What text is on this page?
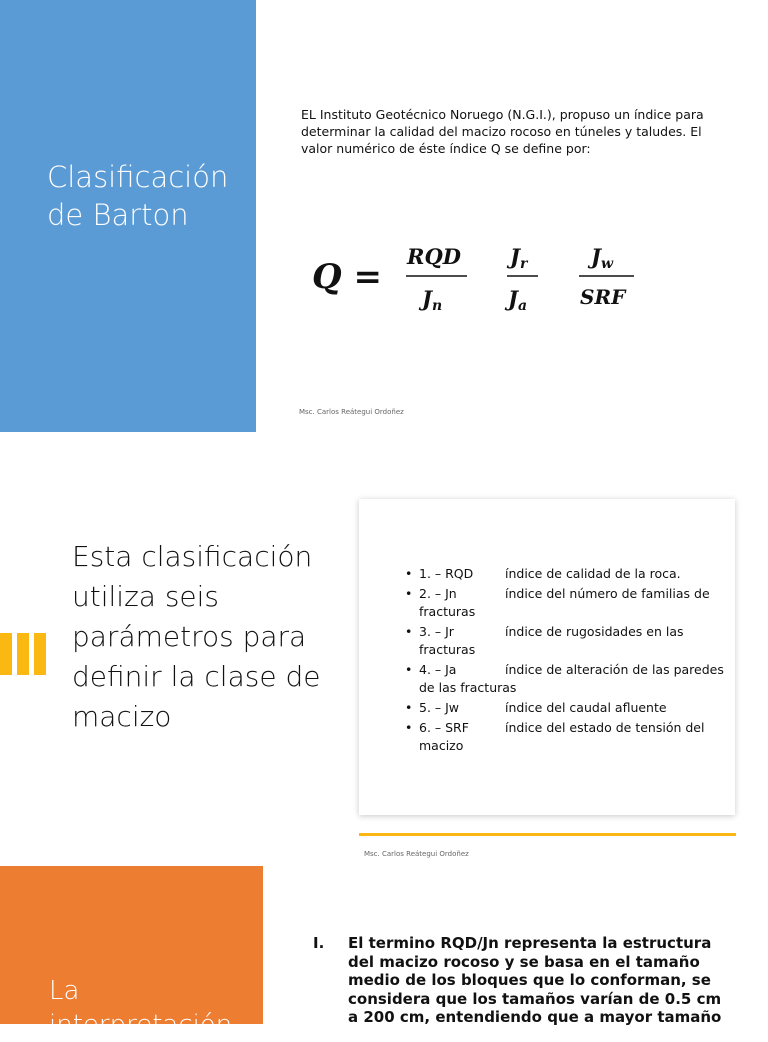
Clasificación de Barton

EL Instituto Geotécnico Noruego (N.G.I.), propuso un índice para determinar la calidad del macizo rocoso en túneles y taludes. El valor numérico de éste índice Q se define por:

Q =
RQD
Jn
Jr
Ja
Jw
SRF
Msc. Carlos Reátegui Ordoñez
Esta clasificación utiliza seis parámetros para definir la clase de macizo
• 1. – RQD	índice de calidad de la roca.
• 2. – Jn	índice del número de familias de fracturas
• 3. – Jr	índice de rugosidades en las fracturas
• 4. – Ja	índice de alteración de las paredes de las fracturas
• 5. – Jw	índice del caudal afluente
• 6. – SRF	índice del estado de tensión del macizo
Msc. Carlos Reátegui Ordoñez
La interpretación
I. El termino RQD/Jn representa la estructura del macizo rocoso y se basa en el tamaño medio de los bloques que lo conforman, se considera que los tamaños varían de 0.5 cm a 200 cm, entendiendo que a mayor tamaño
